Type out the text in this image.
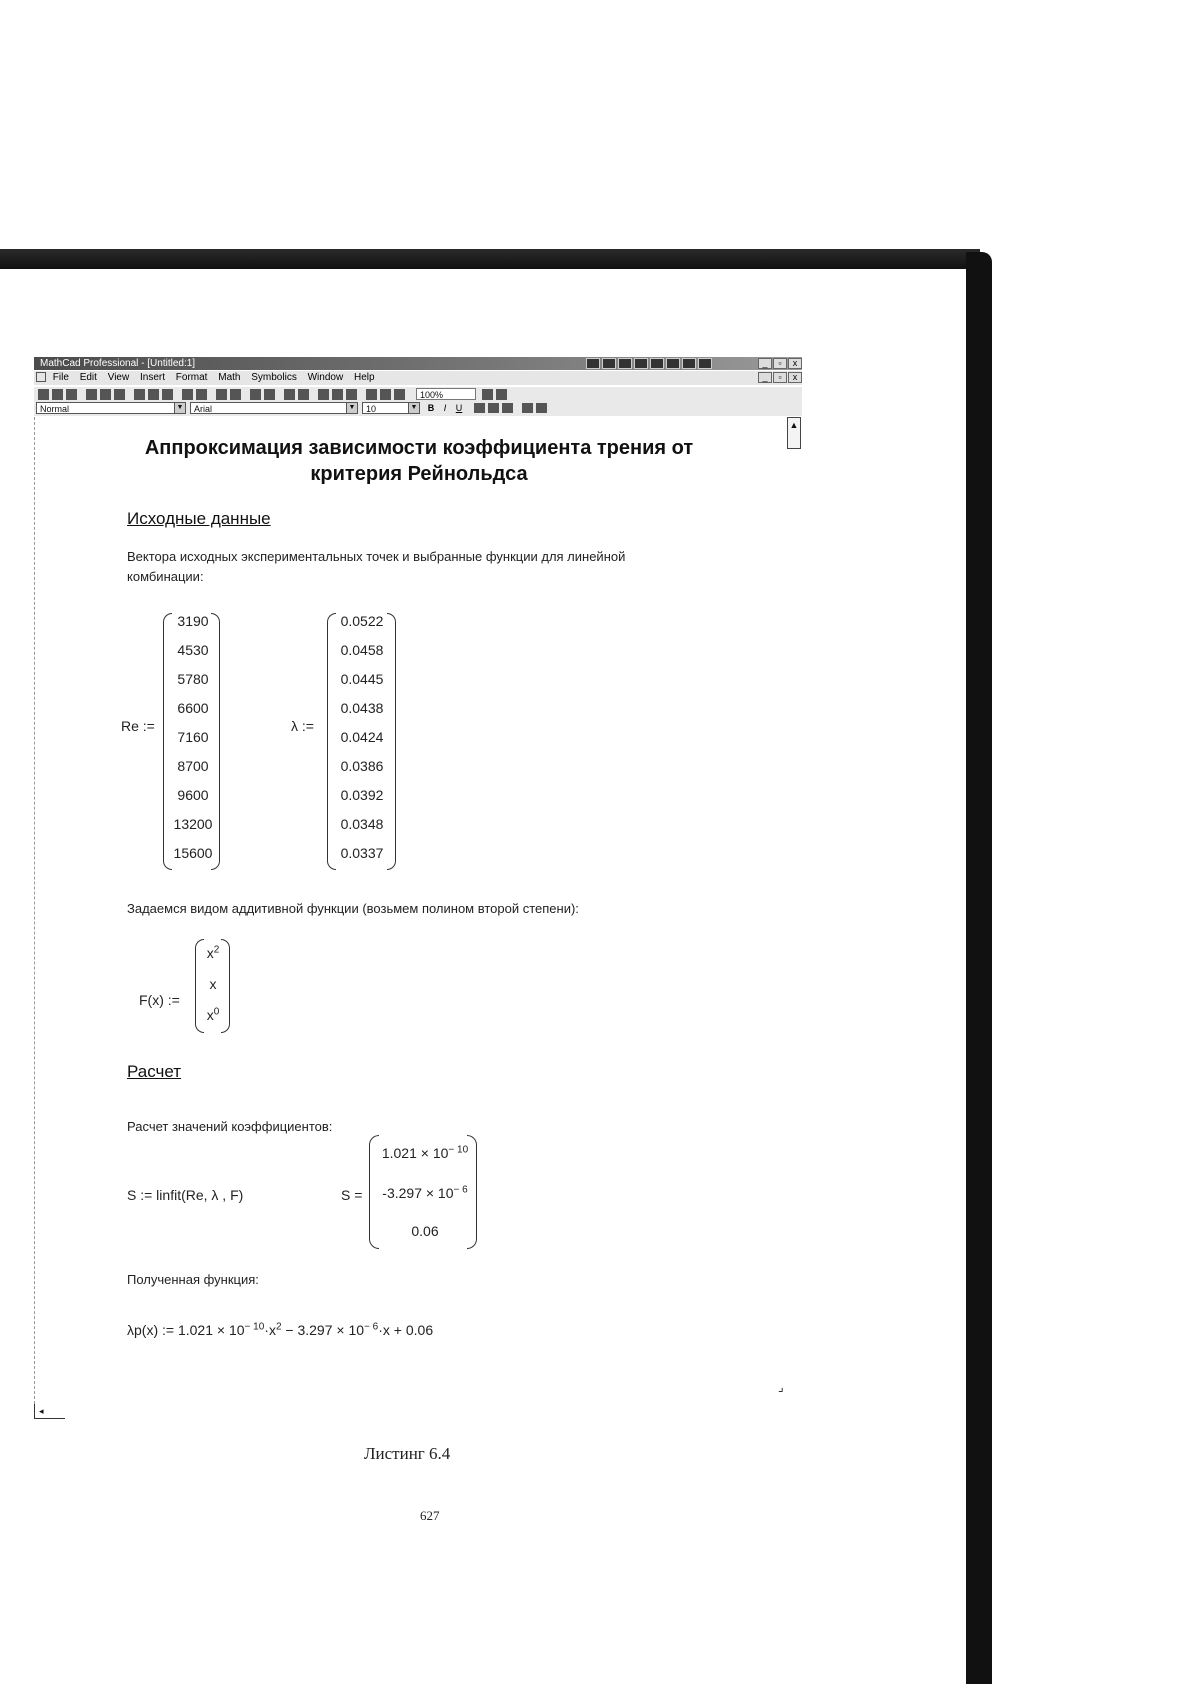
MathCad Professional - [Untitled:1]	_	▫	x
File Edit View Insert Format Math Symbolics Window Help	_	▫	x
100%
Normal	▼	Arial	▼	10	▼ B	I	U
▲
Аппроксимация зависимости коэффициента трения от
критерия Рейнольдса
Исходные данные
Вектора исходных экспериментальных точек и выбранные функции для линейной
комбинации:
Re :=
3190
4530
5780
6600
7160
8700
9600
13200
15600
λ :=
0.0522
0.0458
0.0445
0.0438
0.0424
0.0386
0.0392
0.0348
0.0337
Задаемся видом аддитивной функции (возьмем полином второй степени):
F(x) :=
$x^2$
x
$x^0$
Расчет
Расчет значений коэффициентов:
S := linfit(Re, λ , F)	S =
$1.021 \times 10^{- 10}$
$-3.297 \times 10^{- 6}$
0.06
Полученная функция:
λp(x) := $1.021 \times 10^{- 10}\cdot x^2 - 3.297 \times 10^{- 6}\cdot x + 0.06$
◂
⌟
Листинг 6.4
627
